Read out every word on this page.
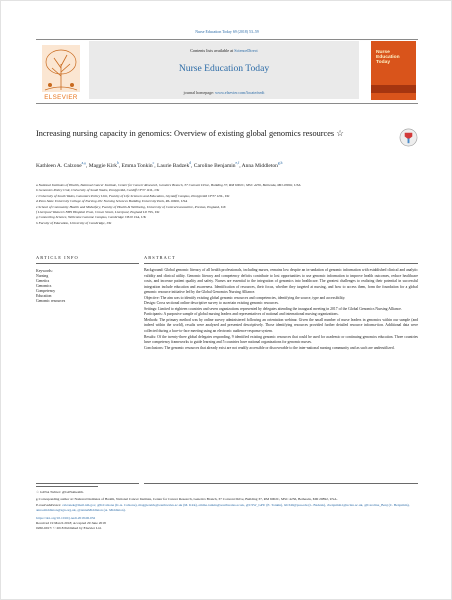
Nurse Education Today 69 (2018) 53–59
ELSEVIER
Contents lists available at ScienceDirect
Nurse Education Today
journal homepage: www.elsevier.com/locate/nedt
Nurse Education Today
Increasing nursing capacity in genomics: Overview of existing global genomics resources ☆
Kathleen A. Calzone$^{a,⁎}$, Maggie Kirk$^b$, Emma Tonkin$^c$, Laurie Badzek$^d$, Caroline Benjamin$^{e,f}$, Anna Middleton$^{g,h}$
a National Institutes of Health, National Cancer Institute, Center for Cancer Research, Genetics Branch, 37 Convent Drive, Building 37, RM 6002C, MSC 4256, Bethesda, MD 20892, USA
b Genomics Policy Unit, University of South Wales, Pontypridd, Cardiff CF37 1DL, UK
c University of South Wales, Genomics Policy Unit, Faculty of Life Sciences and Education, Glyntaff Campus, Pontypridd CF37 1DL, UK
d Penn State University College of Nursing 201 Nursing Sciences Building University Park, PA 16802, USA
e School of Community Health and Midwifery, Faculty of Health & Wellbeing, University of Central Lancashire, Preston, England, UK
f Liverpool Women's NHS Hospital Trust, Crown Street, Liverpool, England L8 7SS, UK
g Connecting Science, Wellcome Genome Campus, Cambridge CB10 1SA, UK
h Faculty of Education, University of Cambridge, UK
ARTICLE INFO	ABSTRACT
Keywords:
Nursing
Genetics
Genomics
Competency
Education
Genomic resources

Background: Global genomic literacy of all health professionals, including nurses, remains low despite an in-undation of genomic information with established clinical and analytic validity and clinical utility. Genomic literacy and competency deficits contribute to lost opportunities to use genomic information to improve health outcomes, reduce healthcare costs, and increase patient quality and safety. Nurses are essential to the integration of genomics into healthcare. The greatest challenges to realizing their potential in successful integration include education and awareness. Identification of resources, their focus, whether they targeted at nursing, and how to access them, form the foundation for a global genomic resource initiative led by the Global Genomics Nursing Alliance.

Objective: The aim was to identify existing global genomic resources and competencies, identifying the source, type and accessibility.

Design: Cross sectional online descriptive survey to ascertain existing genomic resources.

Settings: Limited to eighteen countries and seven organizations represented by delegates attending the inaugural meeting in 2017 of the Global Genomics Nursing Alliance.

Participants: A purposive sample of global nursing leaders and representatives of national and international nursing organizations.

Methods: The primary method was by online survey administered following an orientation webinar. Given the small number of nurse leaders in genomics within our sample (and indeed within the world), results were analyzed and presented descriptively. Those identifying resources provided further detailed resource informa-tion. Additional data were collected during a face-to-face meeting using an electronic audience-response system.

Results: Of the twenty-three global delegates responding, 9 identified existing genomic resources that could be used for academic or continuing genomics education. Three countries have competency frameworks to guide learning and 5 countries have national organizations for genomic nurses.

Conclusions: The genomic resources that already exist are not readily accessible or discoverable to the inter-national nursing community and as such are underutilized.

☆ G2NA Twitter: @G2NAhealth.
⁎ Corresponding author at: National Institutes of Health, National Cancer Institute, Center for Cancer Research, Genetics Branch, 37 Convent Drive, Building 37, RM 6002C, MSC 4256, Bethesda, MD 20892, USA.
E-mail addresses: calzonek@mail.nih.gov, @KCalzone (K.A. Calzone), maggie.kirk@southwales.ac.uk (M. Kirk), emma.tonkin@southwales.ac.uk, @CSW_GPU (E. Tonkin), lzb340@psu.edu (L. Badzek), cbenjamin1@uclan.ac.uk, @Caroline_Benj (C. Benjamin), anna.middleton@sgn.org.uk, @AnnaMiddleton (A. Middleton).
https://doi.org/10.1016/j.nedt.2018.06.032
Received 19 March 2018; Accepted 29 June 2018
0260-6917/ © 2018 Published by Elsevier Ltd.
